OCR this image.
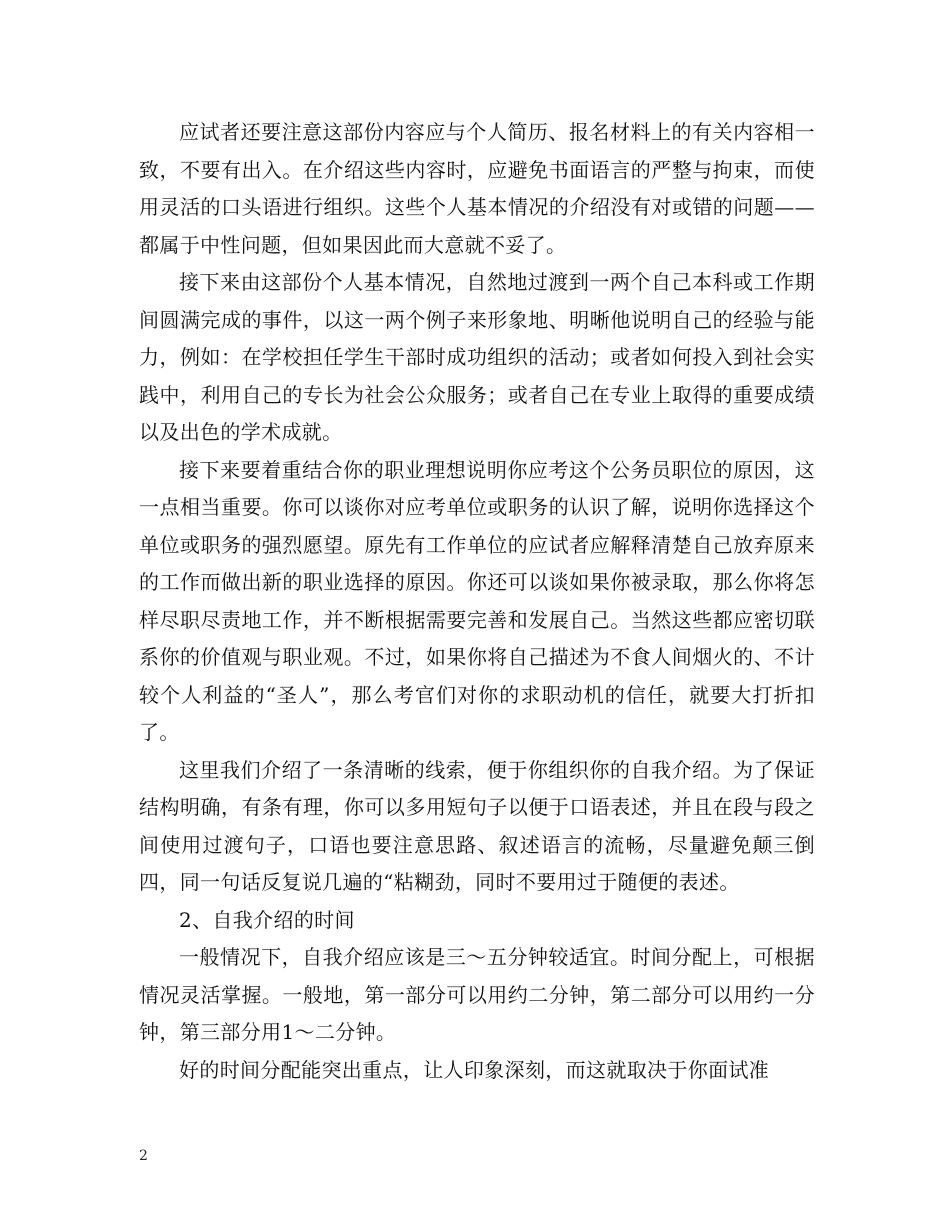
应试者还要注意这部份内容应与个人简历、报名材料上的有关内容相一致，不要有出入。在介绍这些内容时，应避免书面语言的严整与拘束，而使用灵活的口头语进行组织。这些个人基本情况的介绍没有对或错的问题——都属于中性问题，但如果因此而大意就不妥了。

接下来由这部份个人基本情况，自然地过渡到一两个自己本科或工作期间圆满完成的事件，以这一两个例子来形象地、明晰他说明自己的经验与能力，例如：在学校担任学生干部时成功组织的活动；或者如何投入到社会实践中，利用自己的专长为社会公众服务；或者自己在专业上取得的重要成绩以及出色的学术成就。

接下来要着重结合你的职业理想说明你应考这个公务员职位的原因，这一点相当重要。你可以谈你对应考单位或职务的认识了解，说明你选择这个单位或职务的强烈愿望。原先有工作单位的应试者应解释清楚自己放弃原来的工作而做出新的职业选择的原因。你还可以谈如果你被录取，那么你将怎样尽职尽责地工作，并不断根据需要完善和发展自己。当然这些都应密切联系你的价值观与职业观。不过，如果你将自己描述为不食人间烟火的、不计较个人利益的“圣人”，那么考官们对你的求职动机的信任，就要大打折扣了。

这里我们介绍了一条清晰的线索，便于你组织你的自我介绍。为了保证结构明确，有条有理，你可以多用短句子以便于口语表述，并且在段与段之间使用过渡句子，口语也要注意思路、叙述语言的流畅，尽量避免颠三倒四，同一句话反复说几遍的“粘糊劲，同时不要用过于随便的表述。

2、自我介绍的时间

一般情况下，自我介绍应该是三～五分钟较适宜。时间分配上，可根据情况灵活掌握。一般地，第一部分可以用约二分钟，第二部分可以用约一分钟，第三部分用1～二分钟。

好的时间分配能突出重点，让人印象深刻，而这就取决于你面试准

2
